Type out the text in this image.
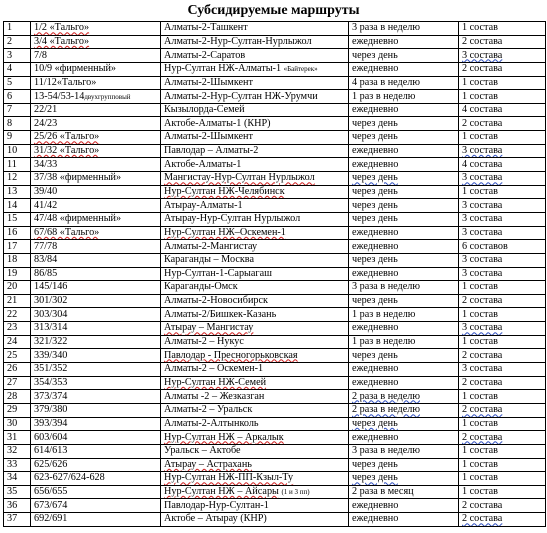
Субсидируемые маршруты
1	1/2 «Тальго»	Алматы-2-Ташкент	3 раза в неделю	1 состав
2	3/4 «Тальго»	Алматы-2-Нур-Султан-Нурлыжол	ежедневно	2 состава
3	7/8	Алматы-2-Саратов	через день	3 состава
4	10/9 «фирменный»	Нур-Султан НЖ-Алматы-1 «Байтерек»	ежедневно	2 состава
5	11/12«Тальго»	Алматы-2-Шымкент	4 раза в неделю	1 состав
6	13-54/53-14двухгрупповый	Алматы-2-Нур-Султан НЖ-Урумчи	1 раз в неделю	1 состав
7	22/21	Кызылорда-Семей	ежедневно	4 состава
8	24/23	Актобе-Алматы-1 (КНР)	через день	2 состава
9	25/26 «Тальго»	Алматы-2-Шымкент	через день	1 состав
10	31/32 «Тальго»	Павлодар – Алматы-2	ежедневно	3 состава
11	34/33	Актобе-Алматы-1	ежедневно	4 состава
12	37/38 «фирменный»	Мангистау-Нур-Султан Нурлыжол	через день	3 состава
13	39/40	Нур-Султан НЖ-Челябинск	через день	1 состав
14	41/42	Атырау-Алматы-1	через день	3 состава
15	47/48 «фирменный»	Атырау-Нур-Султан Нурлыжол	через день	3 состава
16	67/68 «Тальго»	Нур-Султан НЖ–Оскемен-1	ежедневно	3 состава
17	77/78	Алматы-2-Мангистау	ежедневно	6 составов
18	83/84	Караганды – Москва	через день	3 состава
19	86/85	Нур-Султан-1-Сарыагаш	ежедневно	3 состава
20	145/146	Караганды-Омск	3 раза в неделю	1 состав
21	301/302	Алматы-2-Новосибирск	через день	2 состава
22	303/304	Алматы-2/Бишкек-Казань	1 раз в неделю	1 состав
23	313/314	Атырау – Мангистау	ежедневно	3 состава
24	321/322	Алматы-2 – Нукус	1 раз в неделю	1 состав
25	339/340	Павлодар - Пресногорьковская	через день	2 состава
26	351/352	Алматы-2 – Оскемен-1	ежедневно	3 состава
27	354/353	Нур-Султан НЖ-Семей	ежедневно	2 состава
28	373/374	Алматы -2 – Жезказган	2 раза в неделю	1 состав
29	379/380	Алматы-2 – Уральск	2 раза в неделю	2 состава
30	393/394	Алматы-2-Алтынколь	через день	1 состав
31	603/604	Нур-Султан НЖ – Аркалык	ежедневно	2 состава
32	614/613	Уральск – Актобе	3 раза в неделю	1 состав
33	625/626	Атырау – Астрахань	через день	1 состав
34	623-627/624-628	Нур-Султан НЖ-ПП-Кзыл-Ту	через день	1 состав
35	656/655	Нур-Султан НЖ – Айсары (1 и 3 пп)	2 раза в месяц	1 состав
36	673/674	Павлодар-Нур-Султан-1	ежедневно	2 состава
37	692/691	Актобе – Атырау (КНР)	ежедневно	2 состава
